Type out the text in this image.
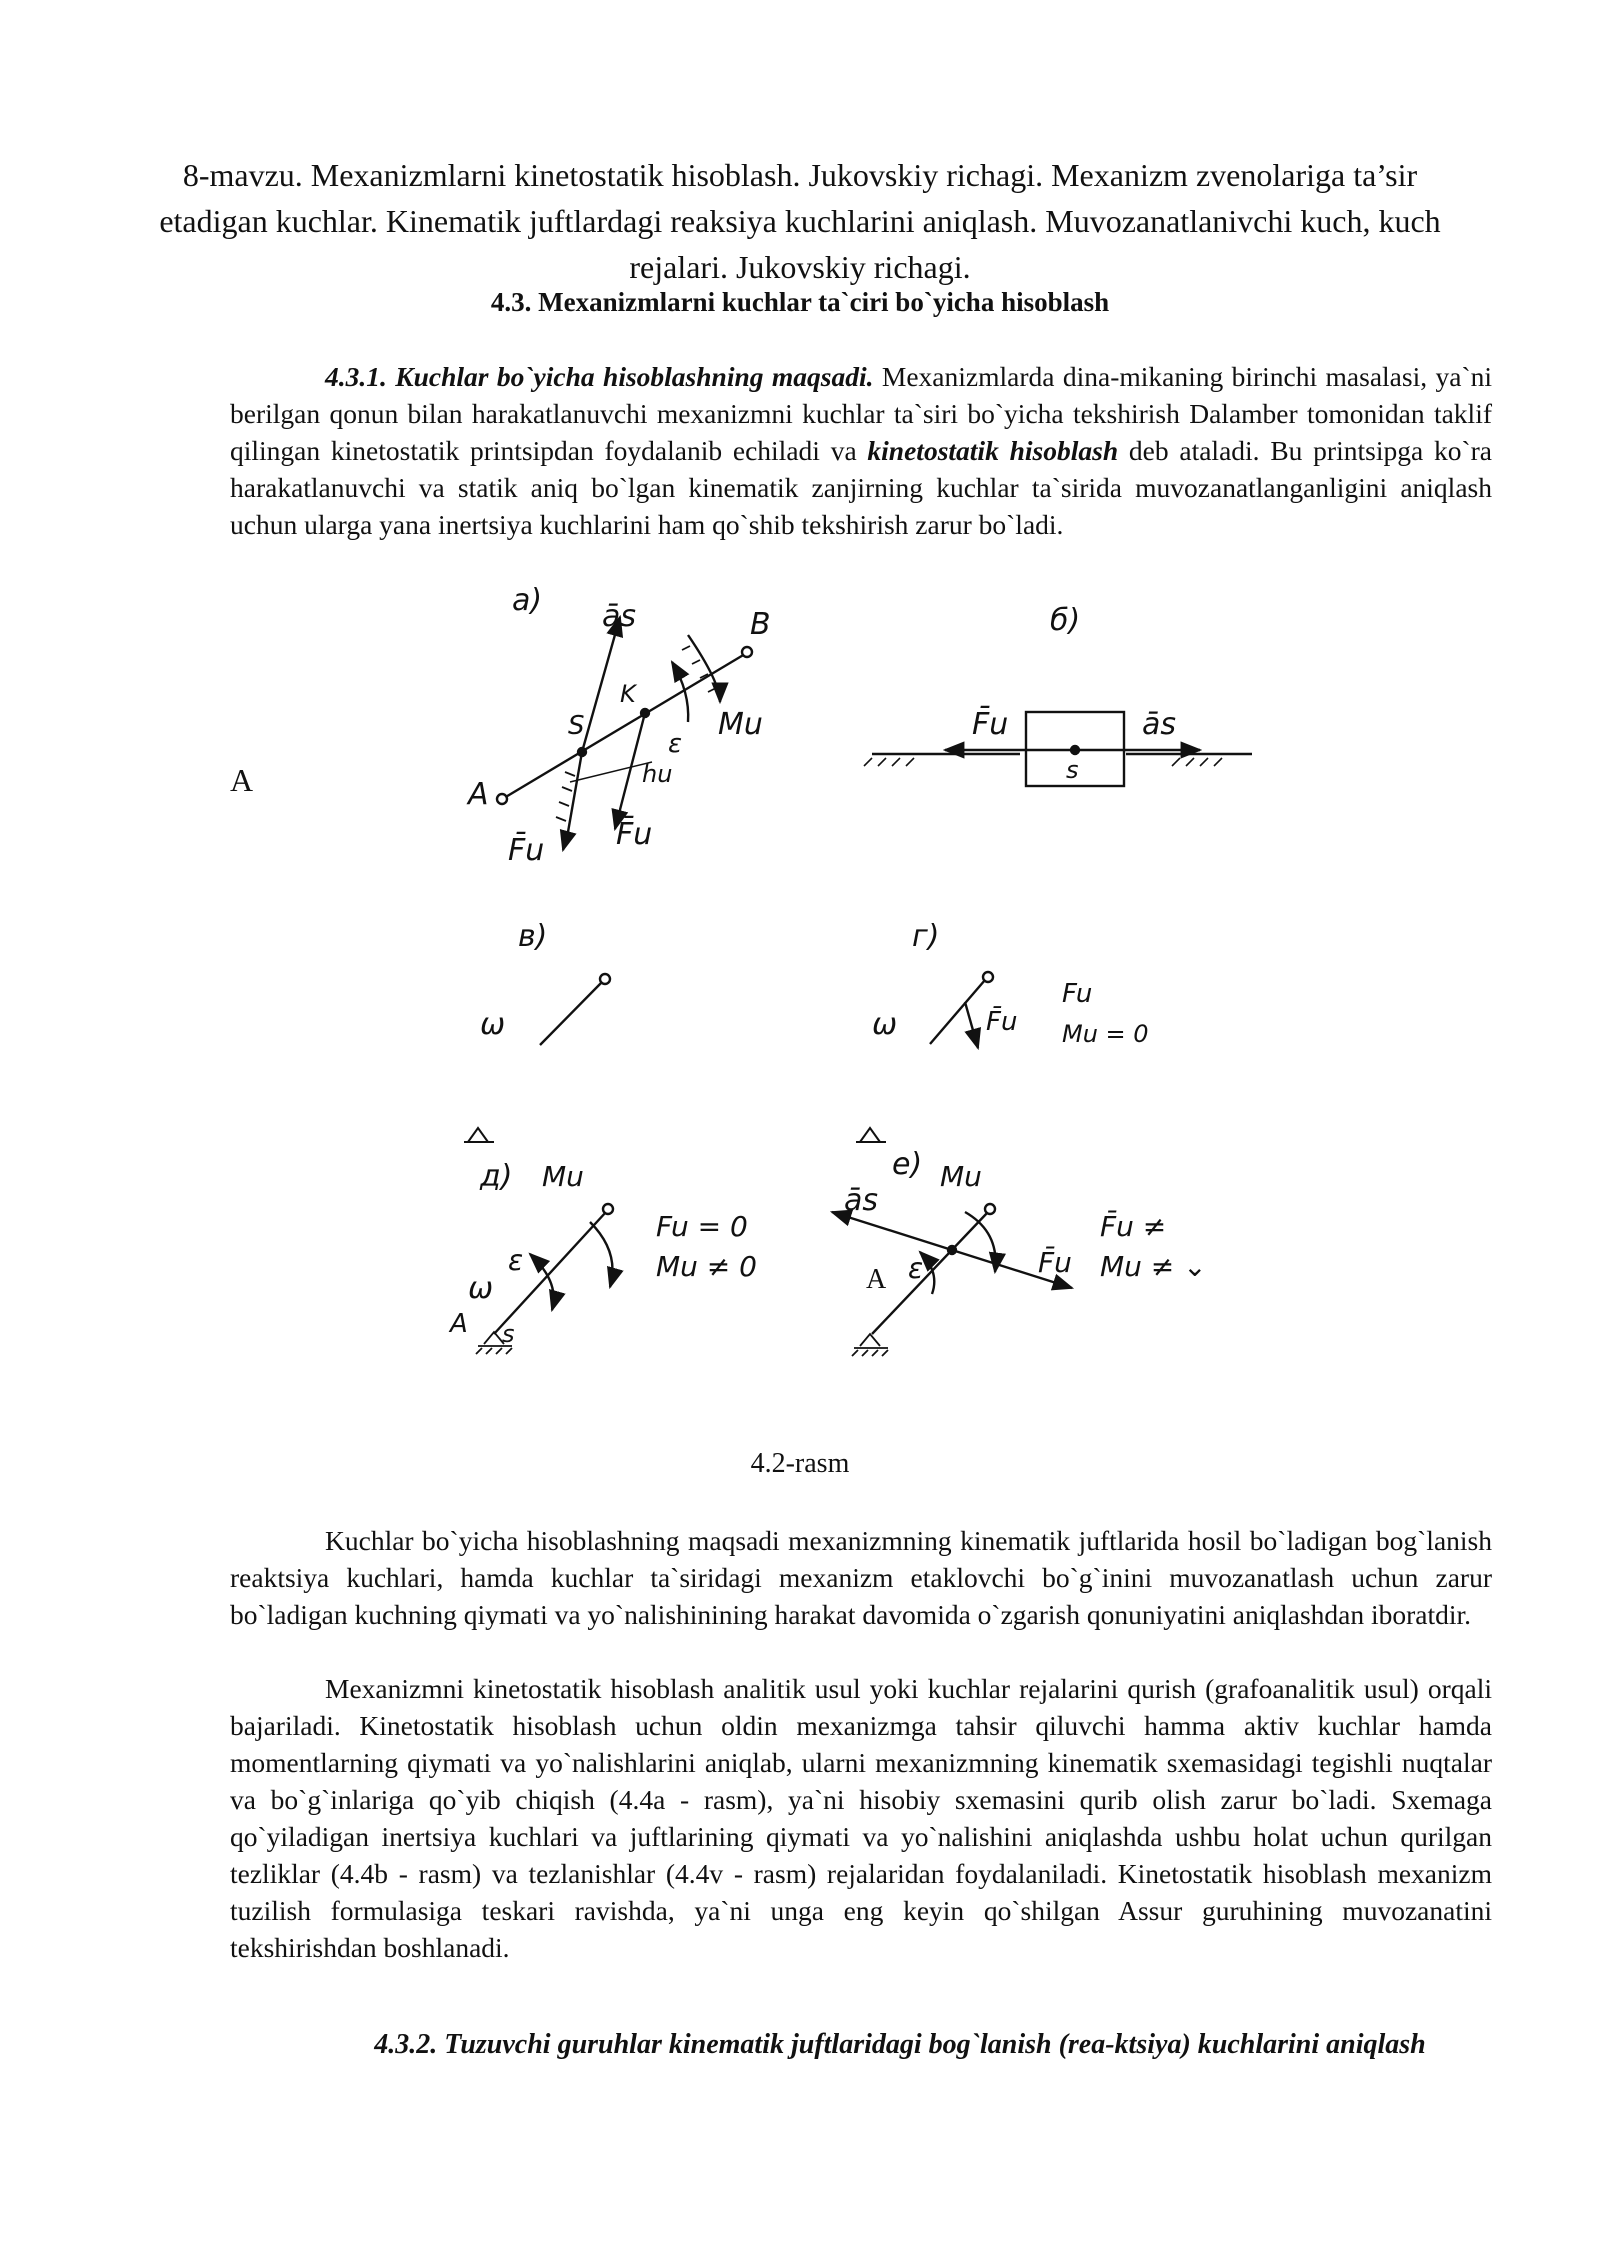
8-mavzu. Mexanizmlarni kinetostatik hisoblash. Jukovskiy richagi. Mexanizm zvenolariga ta’sir etadigan kuchlar. Kinematik juftlardagi reaksiya kuchlarini aniqlash. Muvozanatlanivchi kuch, kuch rejalari. Jukovskiy richagi.
4.3. Mexanizmlarni kuchlar ta`ciri bo`yicha hisoblash

4.3.1. Kuchlar bo`yicha hisoblashning maqsadi. Mexanizmlarda dina-mikaning birinchi masalasi, ya`ni berilgan qonun bilan harakatlanuvchi mexanizmni kuchlar ta`siri bo`yicha tekshirish Dalamber tomonidan taklif qilingan kinetostatik printsipdan foydalanib echiladi va kinetostatik hisoblash deb ataladi. Bu printsipga ko`ra harakatlanuvchi va statik aniq bo`lgan kinematik zanjirning kuchlar ta`sirida muvozanatlanganligini aniqlash uchun ularga yana inertsiya kuchlarini ham qo`shib tekshirish zarur bo`ladi.

A
a) ās	B
K
S	Mu
ε
hu
A
F̄u F̄u
б)
F̄u	ās
s
в)
ω
г)
ω	F̄u
Fu
Mu = 0
д) Mu
ε
ω
A s
Fu = 0
Mu ≠ 0
e)
ās
Mu
ε
A
F̄u
F̄u ≠
Mu ≠ ⌄
4.2-rasm

Kuchlar bo`yicha hisoblashning maqsadi mexanizmning kinematik juftlarida hosil bo`ladigan bog`lanish reaktsiya kuchlari, hamda kuchlar ta`siridagi mexanizm etaklovchi bo`g`inini muvozanatlash uchun zarur bo`ladigan kuchning qiymati va yo`nalishinining harakat davomida o`zgarish qonuniyatini aniqlashdan iboratdir.

Mexanizmni kinetostatik hisoblash analitik usul yoki kuchlar rejalarini qurish (grafoanalitik usul) orqali bajariladi. Kinetostatik hisoblash uchun oldin mexanizmga tahsir qiluvchi hamma aktiv kuchlar hamda momentlarning qiymati va yo`nalishlarini aniqlab, ularni mexanizmning kinematik sxemasidagi tegishli nuqtalar va bo`g`inlariga qo`yib chiqish (4.4a - rasm), ya`ni hisobiy sxemasini qurib olish zarur bo`ladi. Sxemaga qo`yiladigan inertsiya kuchlari va juftlarining qiymati va yo`nalishini aniqlashda ushbu holat uchun qurilgan tezliklar (4.4b - rasm) va tezlanishlar (4.4v - rasm) rejalaridan foydalaniladi. Kinetostatik hisoblash mexanizm tuzilish formulasiga teskari ravishda, ya`ni unga eng keyin qo`shilgan Assur guruhining muvozanatini tekshirishdan boshlanadi.

4.3.2. Tuzuvchi guruhlar kinematik juftlaridagi bog`lanish (rea-ktsiya) kuchlarini aniqlash
